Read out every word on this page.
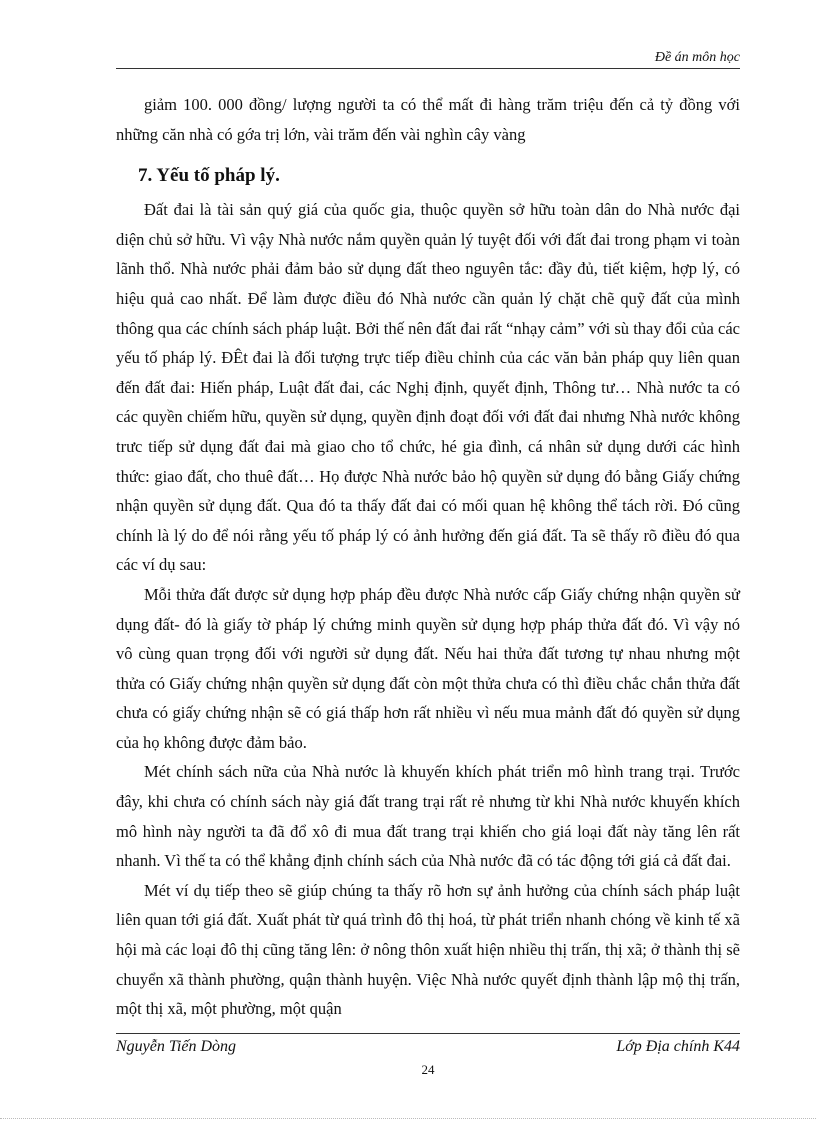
Đề án môn học

giảm 100. 000 đồng/ lượng người ta có thể mất đi hàng trăm triệu đến cả tỷ đồng với những căn nhà có gớa trị lớn, vài trăm đến vài nghìn cây vàng

7. Yếu tố pháp lý.

Đất đai là tài sản quý giá của quốc gia, thuộc quyền sở hữu toàn dân do Nhà nước đại diện chủ sở hữu. Vì vậy Nhà nước nắm quyền quản lý tuyệt đối với đất đai trong phạm vi toàn lãnh thổ. Nhà nước phải đảm bảo sử dụng đất theo nguyên tắc: đầy đủ, tiết kiệm, hợp lý, có hiệu quả cao nhất. Để làm được điều đó Nhà nước cần quản lý chặt chẽ quỹ đất của mình thông qua các chính sách pháp luật. Bởi thế nên đất đai rất “nhạy cảm” với sù thay đổi của các yếu tố pháp lý. ĐÊt đai là đối tượng trực tiếp điều chỉnh của các văn bản pháp quy liên quan đến đất đai: Hiến pháp, Luật đất đai, các Nghị định, quyết định, Thông tư… Nhà nước ta có các quyền chiếm hữu, quyền sử dụng, quyền định đoạt đối với đất đai nhưng Nhà nước không trưc tiếp sử dụng đất đai mà giao cho tổ chức, hé gia đình, cá nhân sử dụng dưới các hình thức: giao đất, cho thuê đất… Họ được Nhà nước bảo hộ quyền sử dụng đó bằng Giấy chứng nhận quyền sử dụng đất. Qua đó ta thấy đất đai có mối quan hệ không thể tách rời. Đó cũng chính là lý do để nói rằng yếu tố pháp lý có ảnh hưởng đến giá đất. Ta sẽ thấy rõ điều đó qua các ví dụ sau:

Mỗi thửa đất được sử dụng hợp pháp đều được Nhà nước cấp Giấy chứng nhận quyền sử dụng đất- đó là giấy tờ pháp lý chứng minh quyền sử dụng hợp pháp thửa đất đó. Vì vậy nó vô cùng quan trọng đối với người sử dụng đất. Nếu hai thửa đất tương tự nhau nhưng một thửa có Giấy chứng nhận quyền sử dụng đất còn một thửa chưa có thì điều chắc chắn thửa đất chưa có giấy chứng nhận sẽ có giá thấp hơn rất nhiều vì nếu mua mảnh đất đó quyền sử dụng của họ không được đảm bảo.

Mét chính sách nữa của Nhà nước là khuyến khích phát triển mô hình trang trại. Trước đây, khi chưa có chính sách này giá đất trang trại rất rẻ nhưng từ khi Nhà nước khuyến khích mô hình này người ta đã đổ xô đi mua đất trang trại khiến cho giá loại đất này tăng lên rất nhanh. Vì thế ta có thể khẳng định chính sách của Nhà nước đã có tác động tới giá cả đất đai.

Mét ví dụ tiếp theo sẽ giúp chúng ta thấy rõ hơn sự ảnh hưởng của chính sách pháp luật liên quan tới giá đất. Xuất phát từ quá trình đô thị hoá, từ phát triển nhanh chóng về kinh tế xã hội mà các loại đô thị cũng tăng lên: ở nông thôn xuất hiện nhiều thị trấn, thị xã; ở thành thị sẽ chuyển xã thành phường, quận thành huyện. Việc Nhà nước quyết định thành lập mộ thị trấn, một thị xã, một phường, một quận

Nguyễn Tiến Dòng	Lớp Địa chính K44
24
